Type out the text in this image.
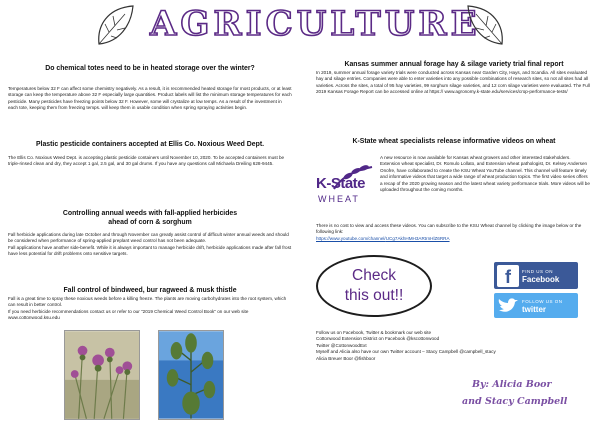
AGRICULTURE
Do chemical totes need to be in heated storage over the winter?

Temperatures below 32 F can affect some chemistry negatively. As a result, it is recommended heated storage for most products, or at least storage can keep the temperature above 32 F especially large quantities. Product labels will list the minimum storage temperatures for each pesticide. Many pesticides have freezing points below 32 F. However, some will crystalize at low temps. As a result of the investment in each tote, keeping them from freezing temps. will keep them in usable condition when spring spraying activities begin.

Plastic pesticide containers accepted at Ellis Co. Noxious Weed Dept.

The Ellis Co. Noxious Weed Dept. is accepting plastic pesticide containers until November 10, 2020. To be accepted containers must be triple-rinsed clean and dry, they accept 1 gal, 2.5 gal, and 30 gal drums. If you have any questions call Michaela Dreiling 628-9445.

Controlling annual weeds with fall-applied herbicides
ahead of corn & sorghum

Fall herbicide applications during late October and through November can greatly assist control of difficult winter annual weeds and should be considered when performance of spring-applied preplant weed control has not been adequate.

Fall applications have another side-benefit. While it is always important to manage herbicide drift, herbicide applications made after fall frost have less potential for drift problems onto sensitive targets.

Fall control of bindweed, bur ragweed & musk thistle

Fall is a great time to spray these noxious weeds before a killing freeze. The plants are moving carbohydrates into the root system, which can result in better control.

If you need herbicide recommendations contact us or refer to our "2019 Chemical Weed Control Book" on our web site www.cottonwood.ksu.edu

Kansas summer annual forage hay & silage variety trial final report

In 2019, summer annual forage variety trials were conducted across Kansas near Garden City, Hays, and Scandia. All sites evaluated hay and silage entries. Companies were able to enter varieties into any possible combinations of research sites, so not all sites had all varieties. Across the sites, a total of 95 hay varieties, 99 sorghum silage varieties, and 12 corn silage varieties were evaluated. The Full 2019 Kansas Forage Report can be accessed online at https:// www.agronomy.k-state.edu/services/crop-performance-tests/

K-State wheat specialists release informative videos on wheat
K-State
WHEAT

A new resource is now available for Kansas wheat growers and other interested stakeholders. Extension wheat specialist, Dr. Romulo Lollato, and Extension wheat pathologist, Dr. Kelsey Andersen Onofre, have collaborated to create the KSU Wheat YouTube channel. This channel will feature timely and informative videos that target a wide range of wheat production topics. The first video series offers a recap of the 2020 growing season and the latest wheat variety performance trials. More videos will be uploaded throughout the coming months.

There is no cost to view and access these videos. You can subscribe to the KSU Wheat channel by clicking the image below or the following link:

https://www.youtube.com/channel/UCg7AkhHMH3ARtrnHlZ6RRA

Check
this out!!
f	FIND US ON
Facebook
FOLLOW US ON
twitter

Follow us on Facebook, Twitter & bookmark our web site

Cottonwood Extension District on Facebook @kscottonwood

Twitter @CottonwoodExt

Myself and Alicia also have our own Twitter account – Stacy Campbell @campbell_stacy

Alicia Breuer Boor @fishboor

By: Alicia Boor
and Stacy Campbell
